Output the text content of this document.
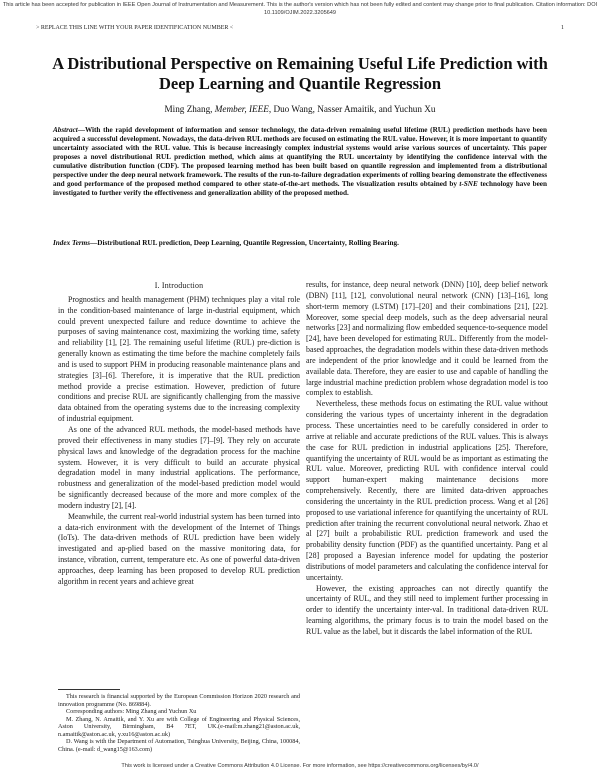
This article has been accepted for publication in IEEE Open Journal of Instrumentation and Measurement. This is the author's version which has not been fully edited and content may change prior to final publication. Citation information: DOI 10.1109/OJIM.2022.3205649
> REPLACE THIS LINE WITH YOUR PAPER IDENTIFICATION NUMBER <	1
A Distributional Perspective on Remaining Useful Life Prediction with Deep Learning and Quantile Regression
Ming Zhang, Member, IEEE, Duo Wang, Nasser Amaitik, and Yuchun Xu
Abstract—With the rapid development of information and sensor technology, the data-driven remaining useful lifetime (RUL) prediction methods have been acquired a successful development. Nowadays, the data-driven RUL methods are focused on estimating the RUL value. However, it is more important to quantify uncertainty associated with the RUL value. This is because increasingly complex industrial systems would arise various sources of uncertainty. This paper proposes a novel distributional RUL prediction method, which aims at quantifying the RUL uncertainty by identifying the confidence interval with the cumulative distribution function (CDF). The proposed learning method has been built based on quantile regression and implemented from a distributional perspective under the deep neural network framework. The results of the run-to-failure degradation experiments of rolling bearing demonstrate the effectiveness and good performance of the proposed method compared to other state-of-the-art methods. The visualization results obtained by t-SNE technology have been investigated to further verify the effectiveness and generalization ability of the proposed method.
Index Terms—Distributional RUL prediction, Deep Learning, Quantile Regression, Uncertainty, Rolling Bearing.
I. Introduction

Prognostics and health management (PHM) techniques play a vital role in the condition-based maintenance of large in-dustrial equipment, which could prevent unexpected failure and reduce downtime to achieve the purposes of saving maintenance cost, maximizing the working time, safety and reliability [1], [2]. The remaining useful lifetime (RUL) pre-diction is generally known as estimating the time before the machine completely fails and is used to support PHM in producing reasonable maintenance plans and strategies [3]–[6]. Therefore, it is imperative that the RUL prediction method provide a precise estimation. However, prediction of future conditions and precise RUL are significantly challenging from the massive data obtained from the operating systems due to the increasing complexity of industrial equipment.

As one of the advanced RUL methods, the model-based methods have proved their effectiveness in many studies [7]–[9]. They rely on accurate physical laws and knowledge of the degradation process for the machine system. However, it is very difficult to build an accurate physical degradation model in many industrial applications. The performance, robustness and generalization of the model-based prediction model would be significantly decreased because of the more and more complex of the modern industry [2], [4].

Meanwhile, the current real-world industrial system has been turned into a data-rich environment with the development of the Internet of Things (IoTs). The data-driven methods of RUL prediction have been widely investigated and ap-plied based on the massive monitoring data, for instance, vibration, current, temperature etc. As one of powerful data-driven approaches, deep learning has been proposed to develop RUL prediction algorithm in recent years and achieve great

This research is financial supported by the European Commission Horizon 2020 research and innovation programme (No. 869884).

Corresponding authors: Ming Zhang and Yuchun Xu

M. Zhang, N. Amaitik, and Y. Xu are with College of Engineering and Physical Sciences, Aston University, Birmingham, B4 7ET, UK.(e-mail:m.zhang21@aston.ac.uk, n.amaitik@aston.ac.uk, y.xu16@aston.ac.uk)

D. Wang is with the Department of Automation, Tsinghua University, Beijing, China, 100084, China. (e-mail: d_wang15@163.com)

results, for instance, deep neural network (DNN) [10], deep belief network (DBN) [11], [12], convolutional neural network (CNN) [13]–[16], long short-term memory (LSTM) [17]–[20] and their combinations [21], [22]. Moreover, some special deep models, such as the deep adversarial neural networks [23] and normalizing flow embedded sequence-to-sequence model [24], have been developed for estimating RUL. Differently from the model-based approaches, the degradation models within these data-driven methods are independent of the prior knowledge and it could be learned from the available data. Therefore, they are easier to use and capable of handling the large industrial machine prediction problem whose degradation model is too complex to establish.

Nevertheless, these methods focus on estimating the RUL value without considering the various types of uncertainty inherent in the degradation process. These uncertainties need to be carefully considered in order to arrive at reliable and accurate predictions of the RUL values. This is always the case for RUL prediction in industrial applications [25]. Therefore, quantifying the uncertainty of RUL would be as important as estimating the RUL value. Moreover, predicting RUL with confidence interval could support human-expert making maintenance decisions more comprehensively. Recently, there are limited data-driven approaches considering the uncertainty in the RUL prediction process. Wang et al [26] proposed to use variational inference for quantifying the uncertainty of RUL prediction after training the recurrent convolutional neural network. Zhao et al [27] built a probabilistic RUL prediction framework and used the probability density function (PDF) as the quantified uncertainty. Pang et al [28] proposed a Bayesian inference model for updating the posterior distributions of model parameters and calculating the confidence interval for uncertainty.

However, the existing approaches can not directly quantify the uncertainty of RUL, and they still need to implement further processing in order to identify the uncertainty inter-val. In traditional data-driven RUL learning algorithms, the primary focus is to train the model based on the RUL value as the label, but it discards the label information of the RUL

This work is licensed under a Creative Commons Attribution 4.0 License. For more information, see https://creativecommons.org/licenses/by/4.0/
